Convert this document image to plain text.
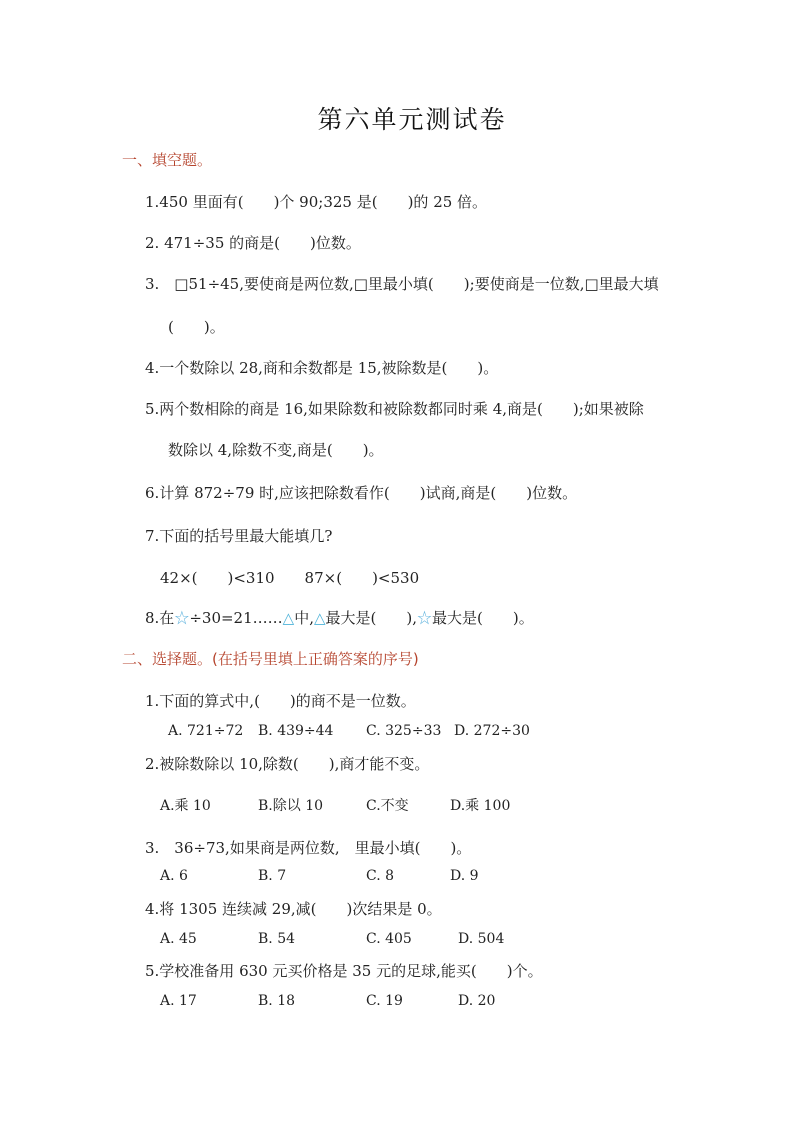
第六单元测试卷
一、填空题。
1.450 里面有(　　)个 90;325 是(　　)的 25 倍。
2. 471÷35 的商是(　　)位数。
3.　□51÷45,要使商是两位数,□里最小填(　　);要使商是一位数,□里最大填
(　　)。
4.一个数除以 28,商和余数都是 15,被除数是(　　)。
5.两个数相除的商是 16,如果除数和被除数都同时乘 4,商是(　　);如果被除
数除以 4,除数不变,商是(　　)。
6.计算 872÷79 时,应该把除数看作(　　)试商,商是(　　)位数。
7.下面的括号里最大能填几?
42×(　　)<310　　87×(　　)<530
8.在☆÷30=21……△中,△最大是(　　),☆最大是(　　)。
二、选择题。(在括号里填上正确答案的序号)
1.下面的算式中,(　　)的商不是一位数。
A. 721÷72 B. 439÷44 C. 325÷33 D. 272÷30
2.被除数除以 10,除数(　　),商才能不变。
A.乘 10	B.除以 10	C.不变	D.乘 100
3.　36÷73,如果商是两位数,　里最小填(　　)。
A. 6	B. 7	C. 8	D. 9
4.将 1305 连续减 29,减(　　)次结果是 0。
A. 45	B. 54	C. 405	D. 504
5.学校准备用 630 元买价格是 35 元的足球,能买(　　)个。
A. 17	B. 18	C. 19	D. 20
